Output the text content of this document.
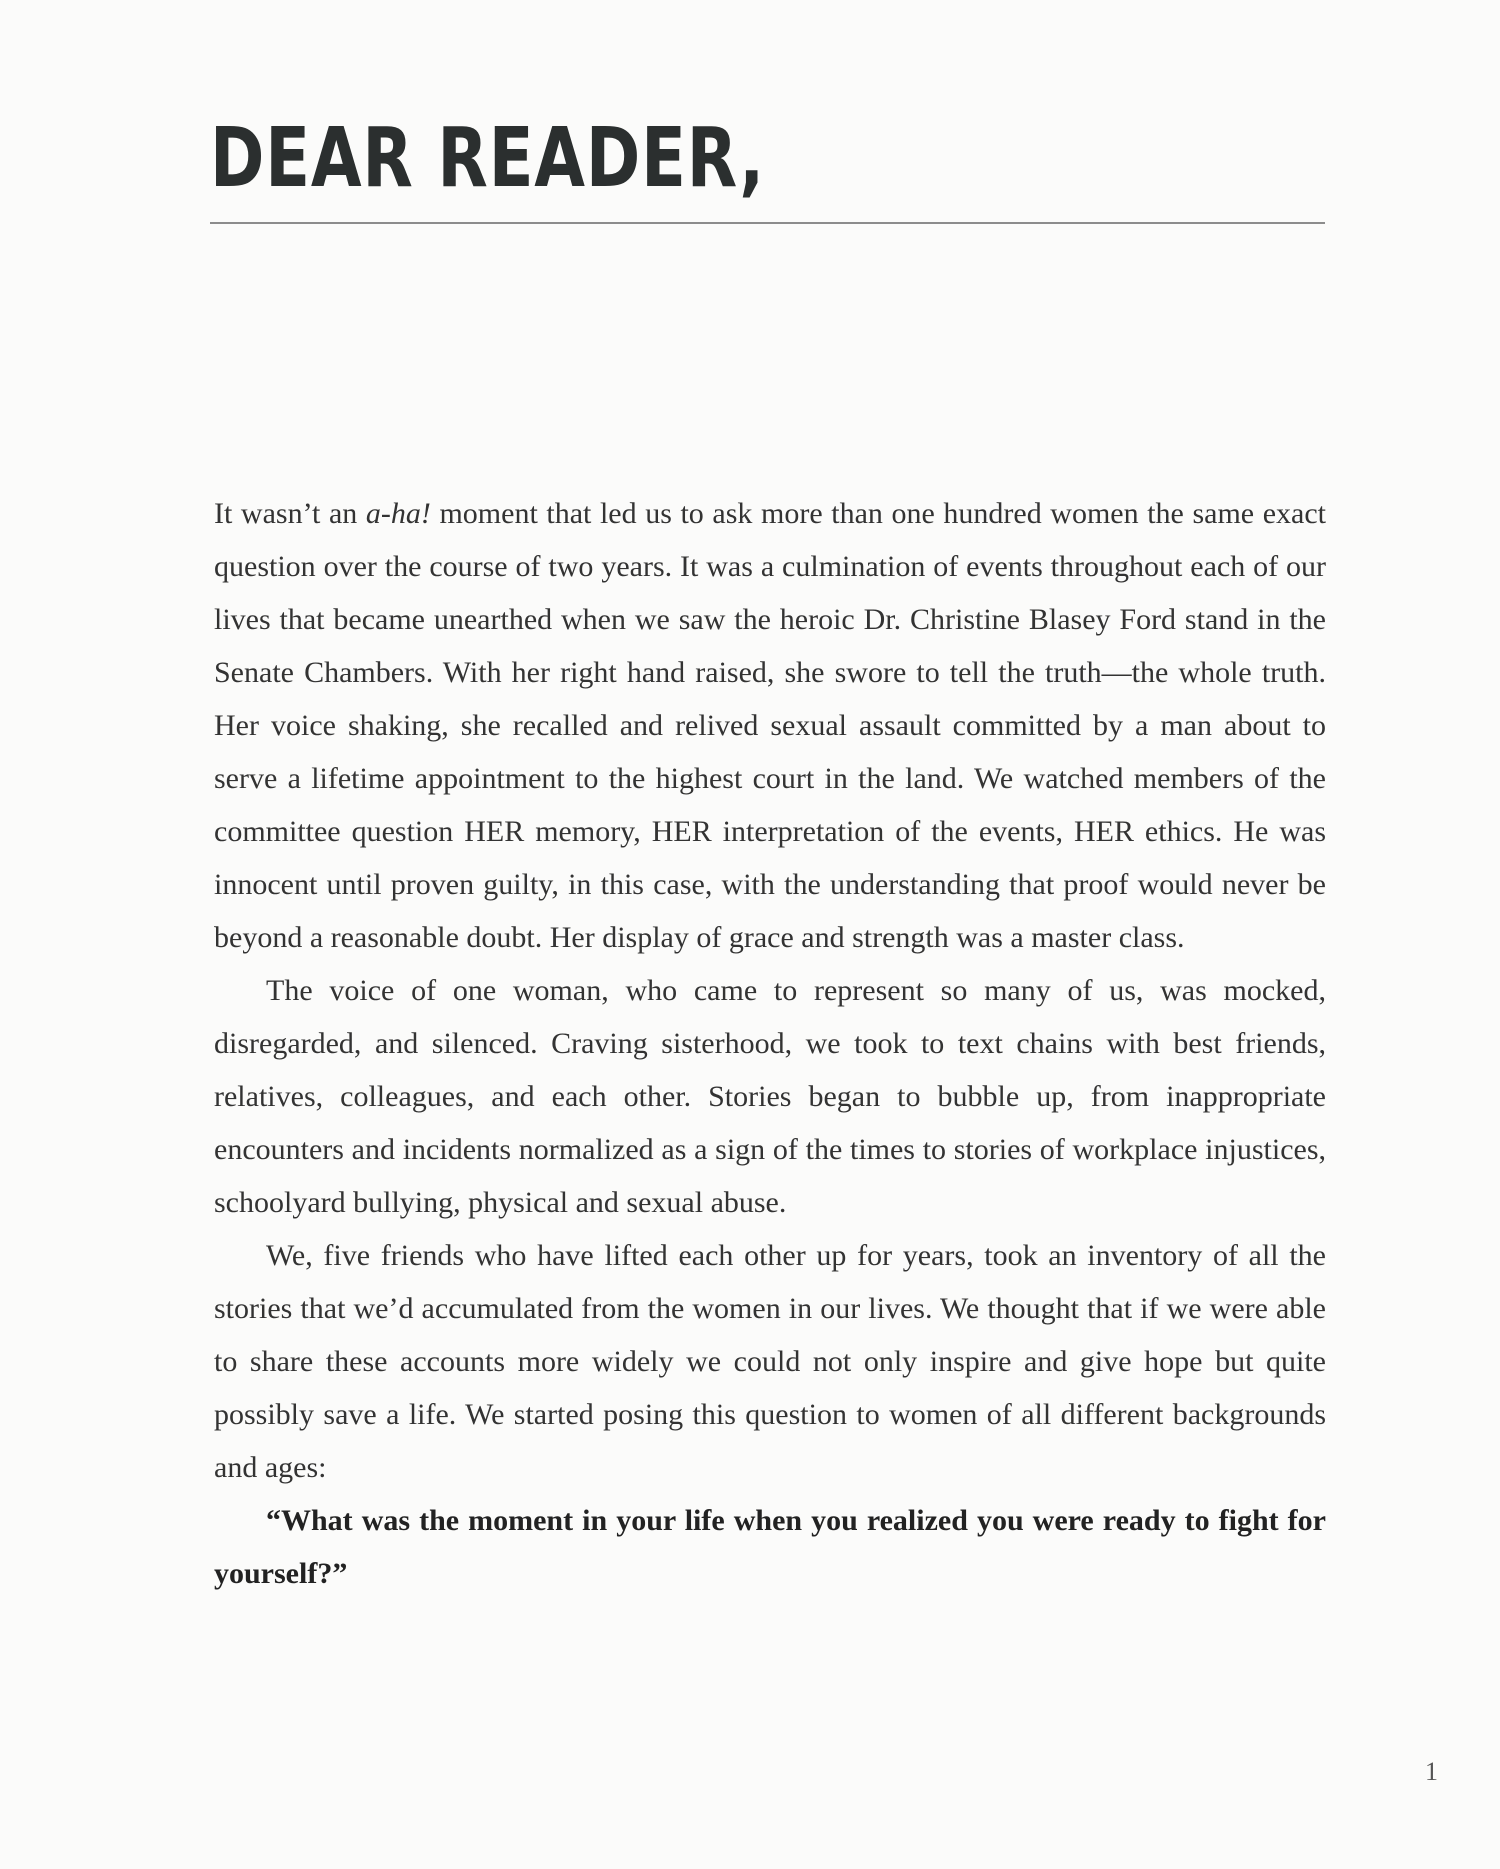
DEAR READER,

It wasn’t an a-ha! moment that led us to ask more than one hundred women the same exact question over the course of two years. It was a culmination of events throughout each of our lives that became unearthed when we saw the heroic Dr. Christine Blasey Ford stand in the Senate Chambers. With her right hand raised, she swore to tell the truth—the whole truth. Her voice shaking, she recalled and relived sexual assault committed by a man about to serve a lifetime appointment to the highest court in the land. We watched members of the committee question HER memory, HER interpretation of the events, HER ethics. He was innocent until proven guilty, in this case, with the understanding that proof would never be beyond a reasonable doubt. Her display of grace and strength was a master class.

The voice of one woman, who came to represent so many of us, was mocked, disregarded, and silenced. Craving sisterhood, we took to text chains with best friends, relatives, colleagues, and each other. Stories began to bubble up, from inappropriate encounters and incidents normalized as a sign of the times to stories of workplace injustices, schoolyard bullying, physical and sexual abuse.

We, five friends who have lifted each other up for years, took an inventory of all the stories that we’d accumulated from the women in our lives. We thought that if we were able to share these accounts more widely we could not only inspire and give hope but quite possibly save a life. We started posing this question to women of all different backgrounds and ages:

“What was the moment in your life when you realized you were ready to fight for yourself?”

1
